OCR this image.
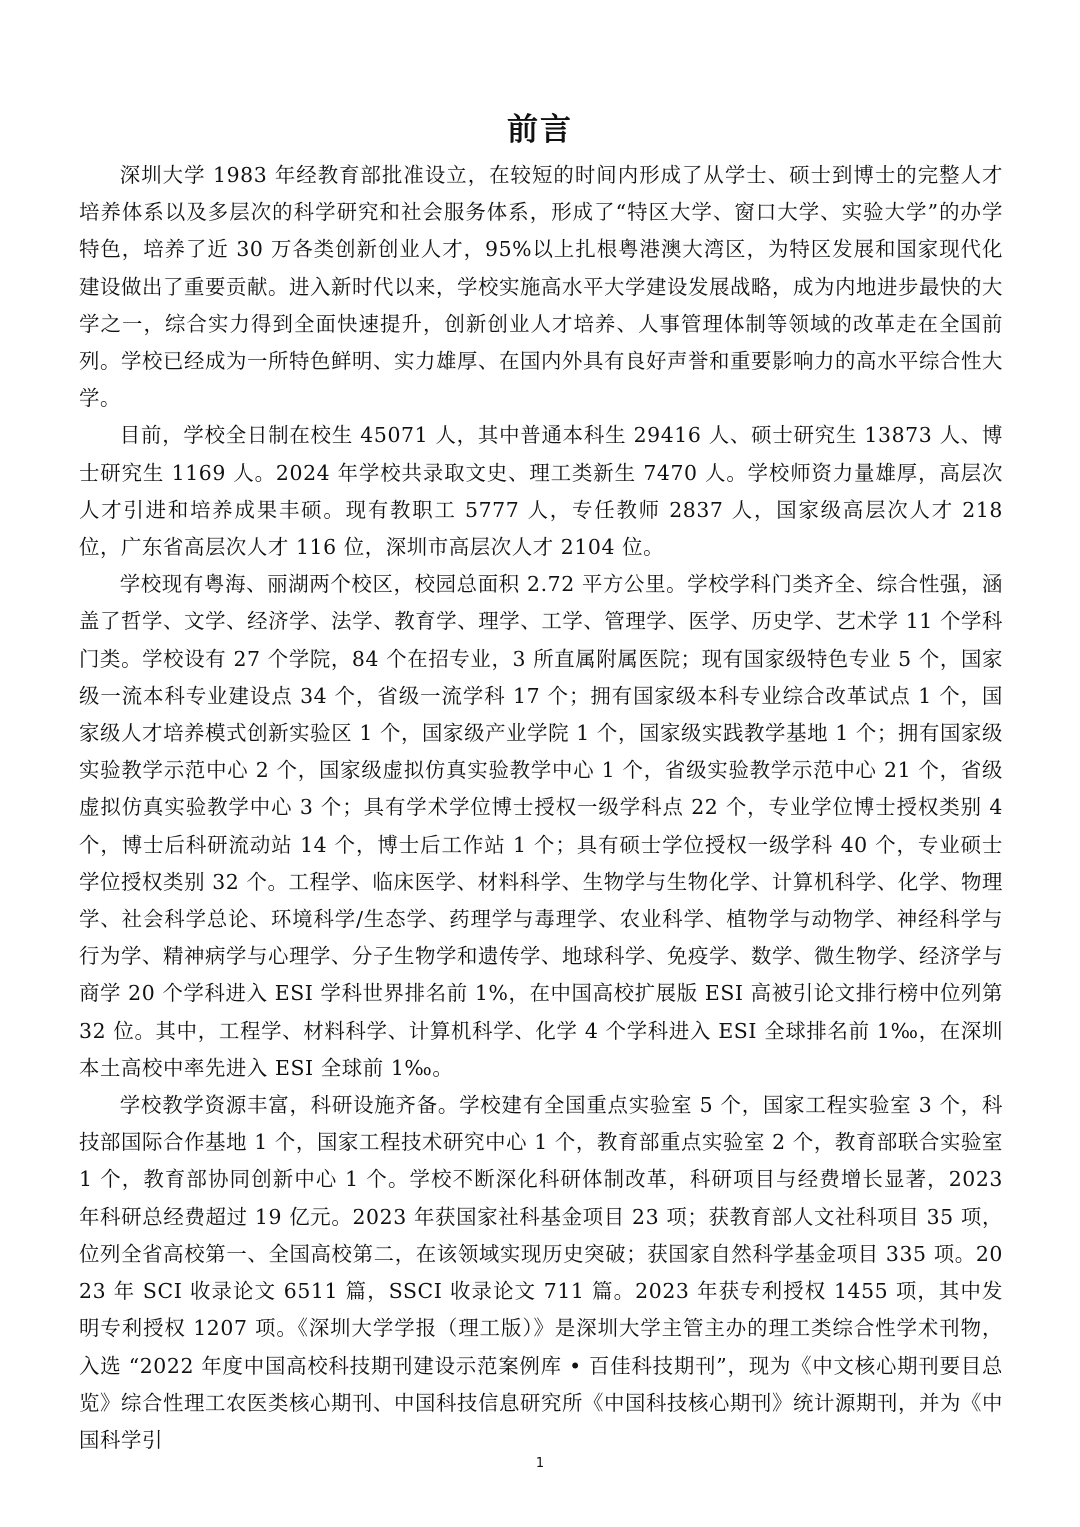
前言

深圳大学 1983 年经教育部批准设立，在较短的时间内形成了从学士、硕士到博士的完整人才培养体系以及多层次的科学研究和社会服务体系，形成了“特区大学、窗口大学、实验大学”的办学特色，培养了近 30 万各类创新创业人才，95%以上扎根粤港澳大湾区，为特区发展和国家现代化建设做出了重要贡献。进入新时代以来，学校实施高水平大学建设发展战略，成为内地进步最快的大学之一，综合实力得到全面快速提升，创新创业人才培养、人事管理体制等领域的改革走在全国前列。学校已经成为一所特色鲜明、实力雄厚、在国内外具有良好声誉和重要影响力的高水平综合性大学。

目前，学校全日制在校生 45071 人，其中普通本科生 29416 人、硕士研究生 13873 人、博士研究生 1169 人。2024 年学校共录取文史、理工类新生 7470 人。学校师资力量雄厚，高层次人才引进和培养成果丰硕。现有教职工 5777 人，专任教师 2837 人，国家级高层次人才 218 位，广东省高层次人才 116 位，深圳市高层次人才 2104 位。

学校现有粤海、丽湖两个校区，校园总面积 2.72 平方公里。学校学科门类齐全、综合性强，涵盖了哲学、文学、经济学、法学、教育学、理学、工学、管理学、医学、历史学、艺术学 11 个学科门类。学校设有 27 个学院，84 个在招专业，3 所直属附属医院；现有国家级特色专业 5 个，国家级一流本科专业建设点 34 个，省级一流学科 17 个；拥有国家级本科专业综合改革试点 1 个，国家级人才培养模式创新实验区 1 个，国家级产业学院 1 个，国家级实践教学基地 1 个；拥有国家级实验教学示范中心 2 个，国家级虚拟仿真实验教学中心 1 个，省级实验教学示范中心 21 个，省级虚拟仿真实验教学中心 3 个；具有学术学位博士授权一级学科点 22 个，专业学位博士授权类别 4 个，博士后科研流动站 14 个，博士后工作站 1 个；具有硕士学位授权一级学科 40 个，专业硕士学位授权类别 32 个。工程学、临床医学、材料科学、生物学与生物化学、计算机科学、化学、物理学、社会科学总论、环境科学/生态学、药理学与毒理学、农业科学、植物学与动物学、神经科学与行为学、精神病学与心理学、分子生物学和遗传学、地球科学、免疫学、数学、微生物学、经济学与商学 20 个学科进入 ESI 学科世界排名前 1%，在中国高校扩展版 ESI 高被引论文排行榜中位列第 32 位。其中，工程学、材料科学、计算机科学、化学 4 个学科进入 ESI 全球排名前 1‰，在深圳本土高校中率先进入 ESI 全球前 1‰。

学校教学资源丰富，科研设施齐备。学校建有全国重点实验室 5 个，国家工程实验室 3 个，科技部国际合作基地 1 个，国家工程技术研究中心 1 个，教育部重点实验室 2 个，教育部联合实验室 1 个，教育部协同创新中心 1 个。学校不断深化科研体制改革，科研项目与经费增长显著，2023 年科研总经费超过 19 亿元。2023 年获国家社科基金项目 23 项；获教育部人文社科项目 35 项，位列全省高校第一、全国高校第二，在该领域实现历史突破；获国家自然科学基金项目 335 项。2023 年 SCI 收录论文 6511 篇，SSCI 收录论文 711 篇。2023 年获专利授权 1455 项，其中发明专利授权 1207 项。《深圳大学学报（理工版）》是深圳大学主管主办的理工类综合性学术刊物，入选 “2022 年度中国高校科技期刊建设示范案例库 • 百佳科技期刊”，现为《中文核心期刊要目总览》综合性理工农医类核心期刊、中国科技信息研究所《中国科技核心期刊》统计源期刊，并为《中国科学引

1
